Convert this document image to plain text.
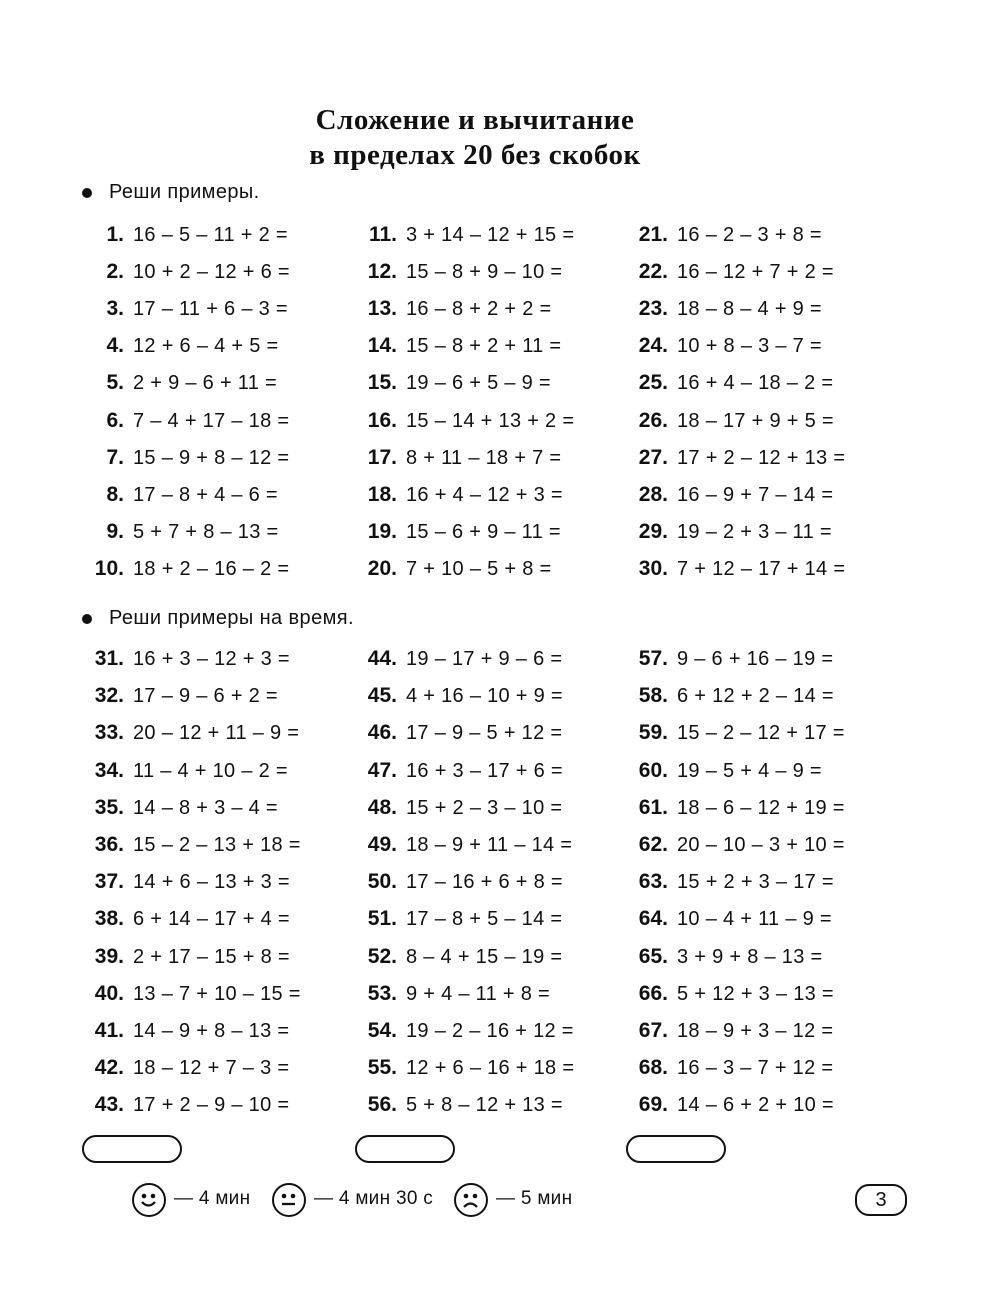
Сложение и вычитание
в пределах 20 без скобок
Реши примеры.
1. 16 – 5 – 11 + 2 =
2. 10 + 2 – 12 + 6 =
3. 17 – 11 + 6 – 3 =
4. 12 + 6 – 4 + 5 =
5. 2 + 9 – 6 + 11 =
6. 7 – 4 + 17 – 18 =
7. 15 – 9 + 8 – 12 =
8. 17 – 8 + 4 – 6 =
9. 5 + 7 + 8 – 13 =
10. 18 + 2 – 16 – 2 =
11. 3 + 14 – 12 + 15 =
12. 15 – 8 + 9 – 10 =
13. 16 – 8 + 2 + 2 =
14. 15 – 8 + 2 + 11 =
15. 19 – 6 + 5 – 9 =
16. 15 – 14 + 13 + 2 =
17. 8 + 11 – 18 + 7 =
18. 16 + 4 – 12 + 3 =
19. 15 – 6 + 9 – 11 =
20. 7 + 10 – 5 + 8 =
21. 16 – 2 – 3 + 8 =
22. 16 – 12 + 7 + 2 =
23. 18 – 8 – 4 + 9 =
24. 10 + 8 – 3 – 7 =
25. 16 + 4 – 18 – 2 =
26. 18 – 17 + 9 + 5 =
27. 17 + 2 – 12 + 13 =
28. 16 – 9 + 7 – 14 =
29. 19 – 2 + 3 – 11 =
30. 7 + 12 – 17 + 14 =
Реши примеры на время.
31. 16 + 3 – 12 + 3 =
32. 17 – 9 – 6 + 2 =
33. 20 – 12 + 11 – 9 =
34. 11 – 4 + 10 – 2 =
35. 14 – 8 + 3 – 4 =
36. 15 – 2 – 13 + 18 =
37. 14 + 6 – 13 + 3 =
38. 6 + 14 – 17 + 4 =
39. 2 + 17 – 15 + 8 =
40. 13 – 7 + 10 – 15 =
41. 14 – 9 + 8 – 13 =
42. 18 – 12 + 7 – 3 =
43. 17 + 2 – 9 – 10 =
44. 19 – 17 + 9 – 6 =
45. 4 + 16 – 10 + 9 =
46. 17 – 9 – 5 + 12 =
47. 16 + 3 – 17 + 6 =
48. 15 + 2 – 3 – 10 =
49. 18 – 9 + 11 – 14 =
50. 17 – 16 + 6 + 8 =
51. 17 – 8 + 5 – 14 =
52. 8 – 4 + 15 – 19 =
53. 9 + 4 – 11 + 8 =
54. 19 – 2 – 16 + 12 =
55. 12 + 6 – 16 + 18 =
56. 5 + 8 – 12 + 13 =
57. 9 – 6 + 16 – 19 =
58. 6 + 12 + 2 – 14 =
59. 15 – 2 – 12 + 17 =
60. 19 – 5 + 4 – 9 =
61. 18 – 6 – 12 + 19 =
62. 20 – 10 – 3 + 10 =
63. 15 + 2 + 3 – 17 =
64. 10 – 4 + 11 – 9 =
65. 3 + 9 + 8 – 13 =
66. 5 + 12 + 3 – 13 =
67. 18 – 9 + 3 – 12 =
68. 16 – 3 – 7 + 12 =
69. 14 – 6 + 2 + 10 =
— 4 мин	— 4 мин 30 с	— 5 мин	3
